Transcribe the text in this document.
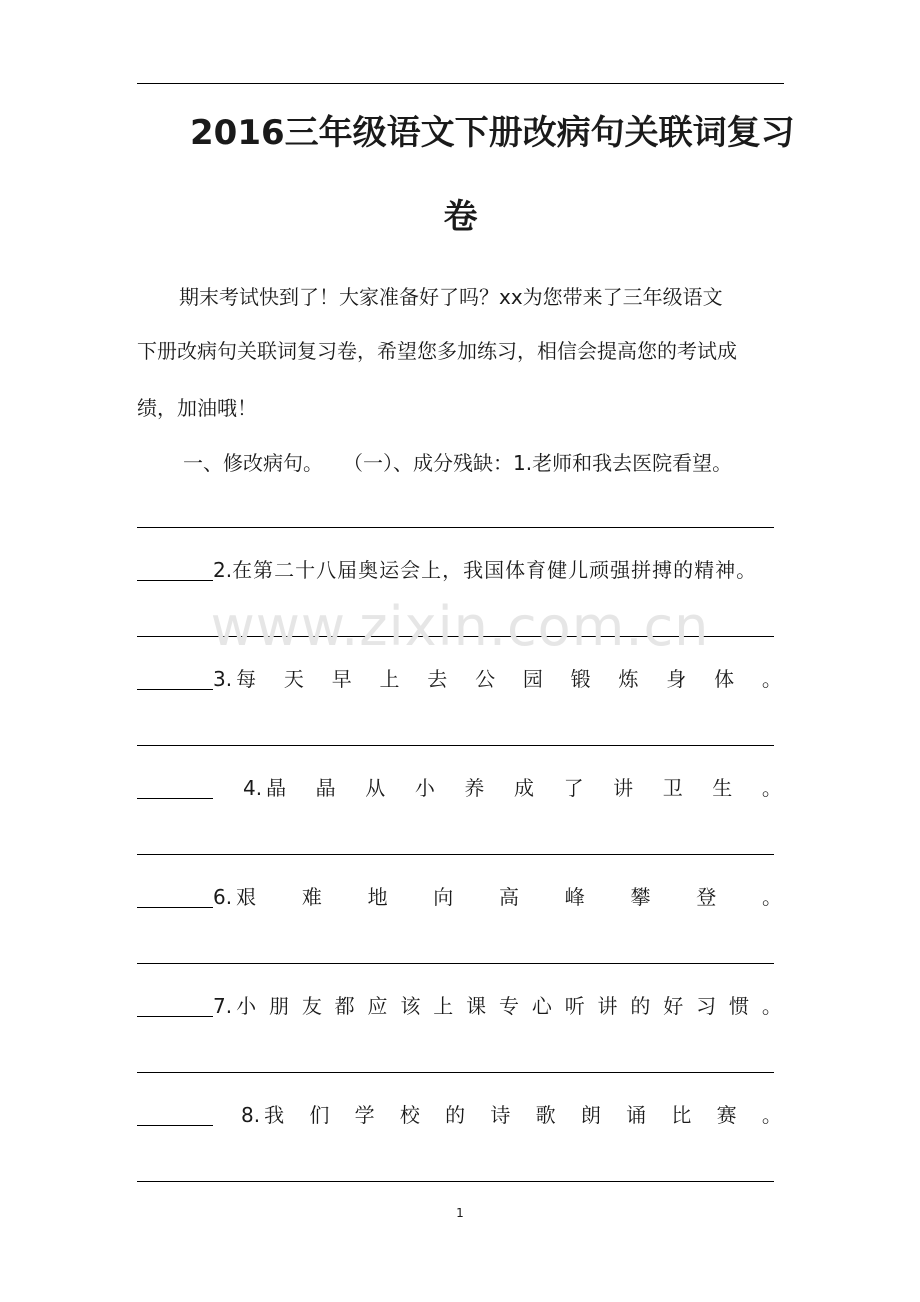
2016三年级语文下册改病句关联词复习
卷
期末考试快到了！大家准备好了吗？xx为您带来了三年级语文
下册改病句关联词复习卷，希望您多加练习，相信会提高您的考试成
绩，加油哦！
一、修改病句。　　（一）、成分残缺：1.老师和我去医院看望。
2. 在第二十八届奥运会上，我国体育健儿顽强拼搏的精神。
3. 每 天 早 上 去 公 园 锻 炼 身 体 。
4. 晶 晶 从 小 养 成 了 讲 卫 生 。
6. 艰 难 地 向 高 峰 攀 登 。
7. 小 朋 友 都 应 该 上 课 专 心 听 讲 的 好 习 惯 。
8. 我 们 学 校 的 诗 歌 朗 诵 比 赛 。
www.zixin.com.cn
1
